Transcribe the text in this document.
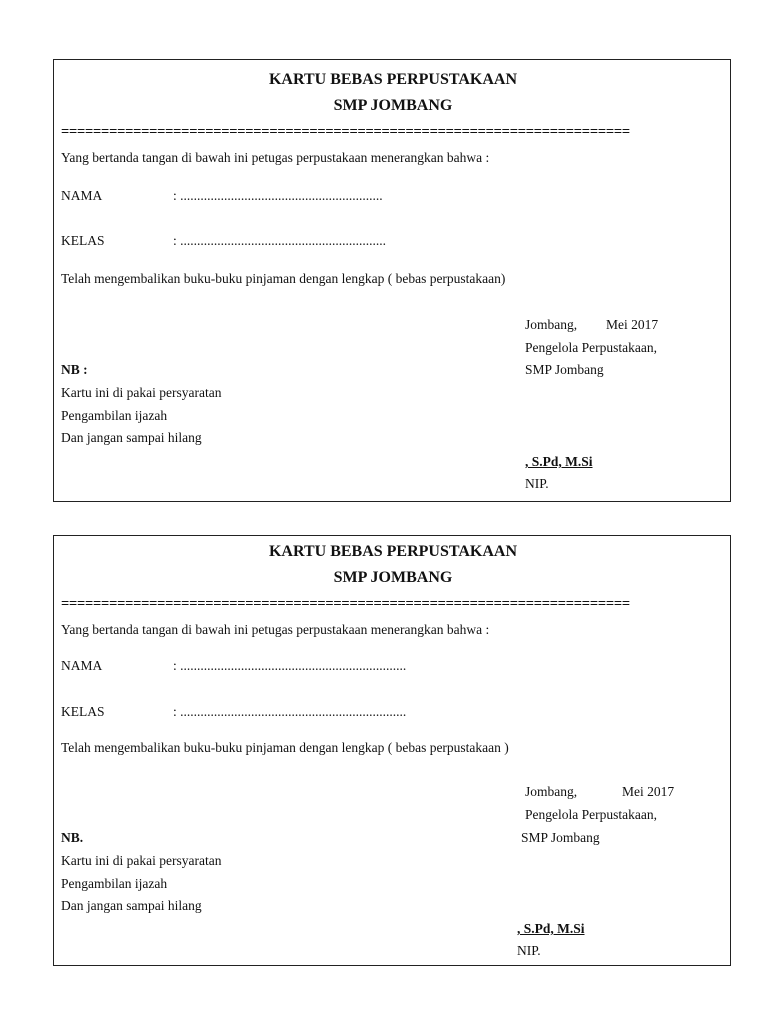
KARTU BEBAS PERPUSTAKAAN
SMP JOMBANG
=======================================================================
Yang bertanda tangan di bawah ini petugas perpustakaan menerangkan bahwa :
NAMA	: ............................................................
KELAS	: .............................................................
Telah mengembalikan buku-buku pinjaman dengan lengkap ( bebas perpustakaan)
Jombang, Mei 2017
Pengelola Perpustakaan,
SMP Jombang
NB :
Kartu ini di pakai persyaratan
Pengambilan ijazah
Dan jangan sampai hilang
, S.Pd, M.Si
NIP.
KARTU BEBAS PERPUSTAKAAN
SMP JOMBANG
=======================================================================
Yang bertanda tangan di bawah ini petugas perpustakaan menerangkan bahwa :
NAMA	: ...................................................................
KELAS	: ...................................................................
Telah mengembalikan buku-buku pinjaman dengan lengkap ( bebas perpustakaan )
Jombang,	Mei 2017
Pengelola Perpustakaan,
SMP Jombang
NB.
Kartu ini di pakai persyaratan
Pengambilan ijazah
Dan jangan sampai hilang
, S.Pd, M.Si
NIP.
